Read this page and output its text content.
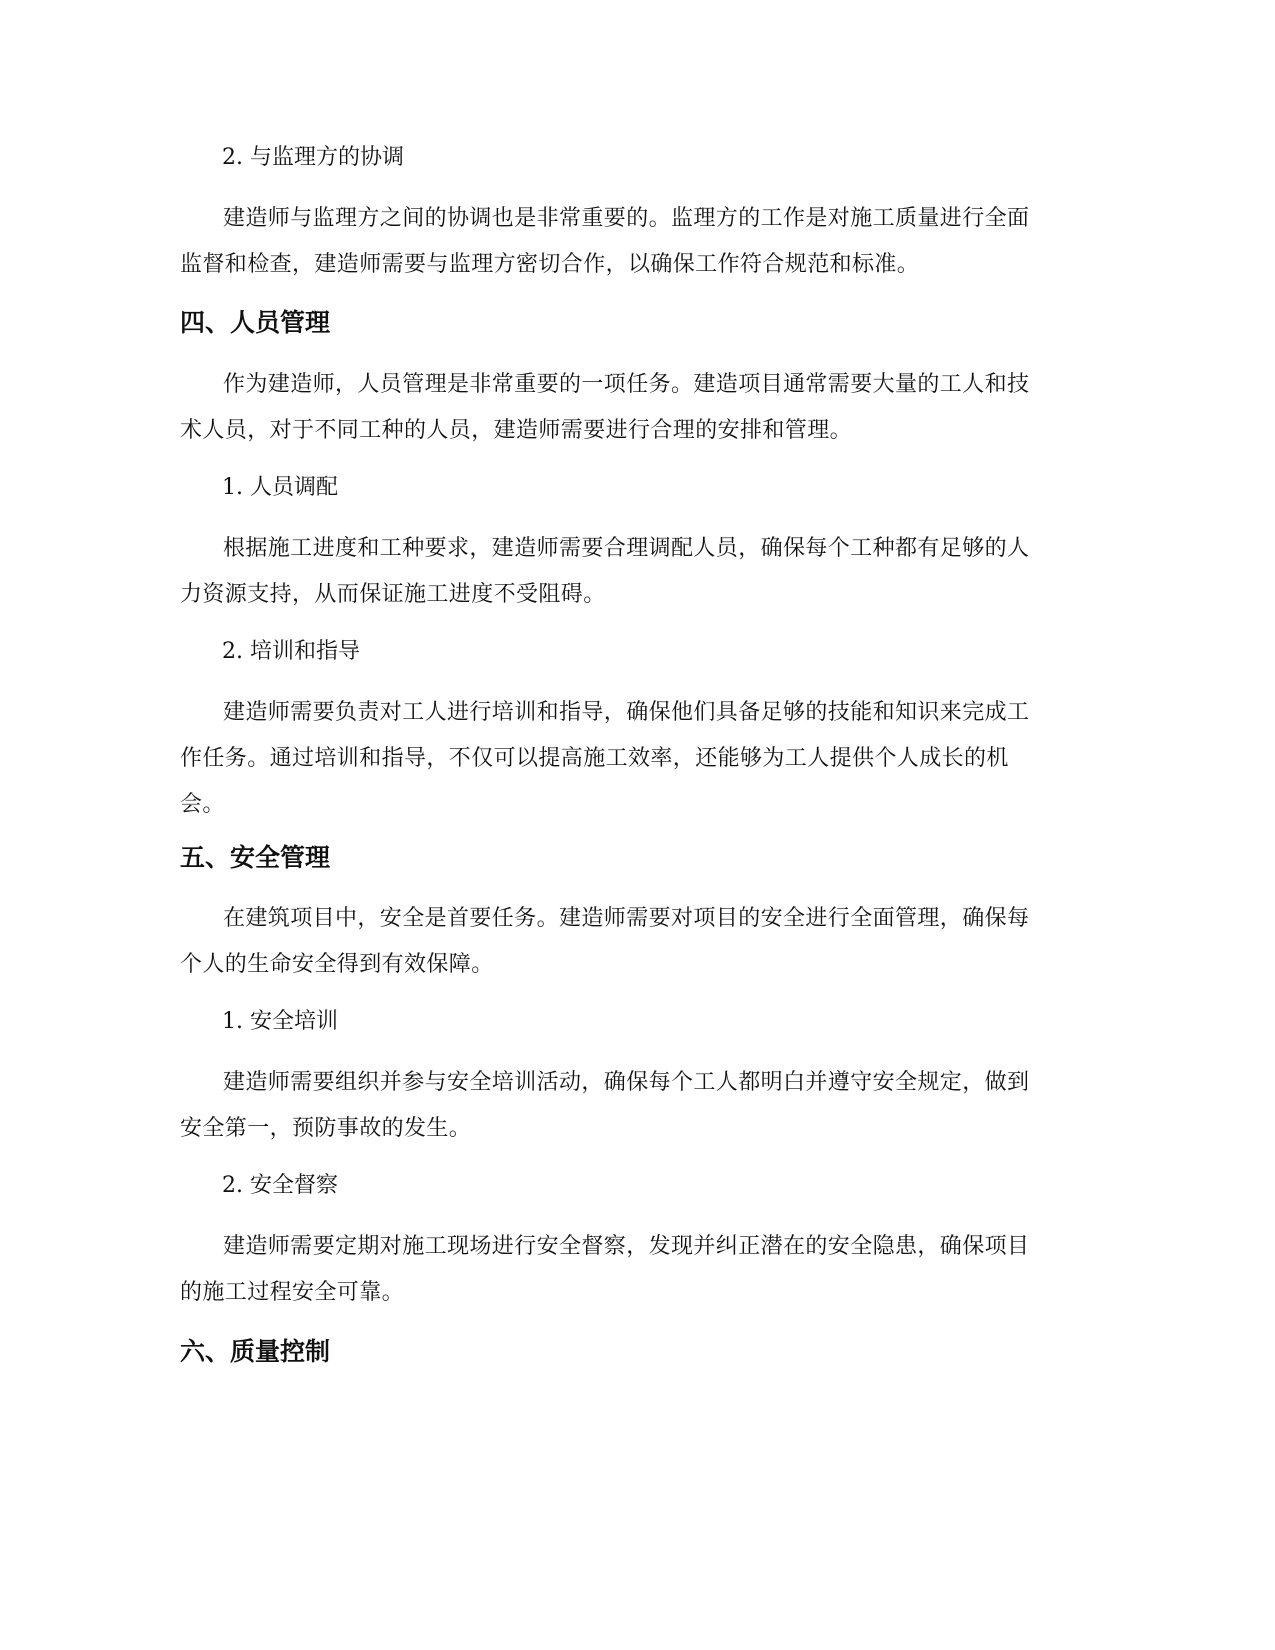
2. 与监理方的协调

建造师与监理方之间的协调也是非常重要的。监理方的工作是对施工质量进行全面监督和检查，建造师需要与监理方密切合作，以确保工作符合规范和标准。

四、人员管理

作为建造师，人员管理是非常重要的一项任务。建造项目通常需要大量的工人和技术人员，对于不同工种的人员，建造师需要进行合理的安排和管理。

1. 人员调配

根据施工进度和工种要求，建造师需要合理调配人员，确保每个工种都有足够的人力资源支持，从而保证施工进度不受阻碍。

2. 培训和指导

建造师需要负责对工人进行培训和指导，确保他们具备足够的技能和知识来完成工作任务。通过培训和指导，不仅可以提高施工效率，还能够为工人提供个人成长的机会。

五、安全管理

在建筑项目中，安全是首要任务。建造师需要对项目的安全进行全面管理，确保每个人的生命安全得到有效保障。

1. 安全培训

建造师需要组织并参与安全培训活动，确保每个工人都明白并遵守安全规定，做到安全第一，预防事故的发生。

2. 安全督察

建造师需要定期对施工现场进行安全督察，发现并纠正潜在的安全隐患，确保项目的施工过程安全可靠。

六、质量控制
